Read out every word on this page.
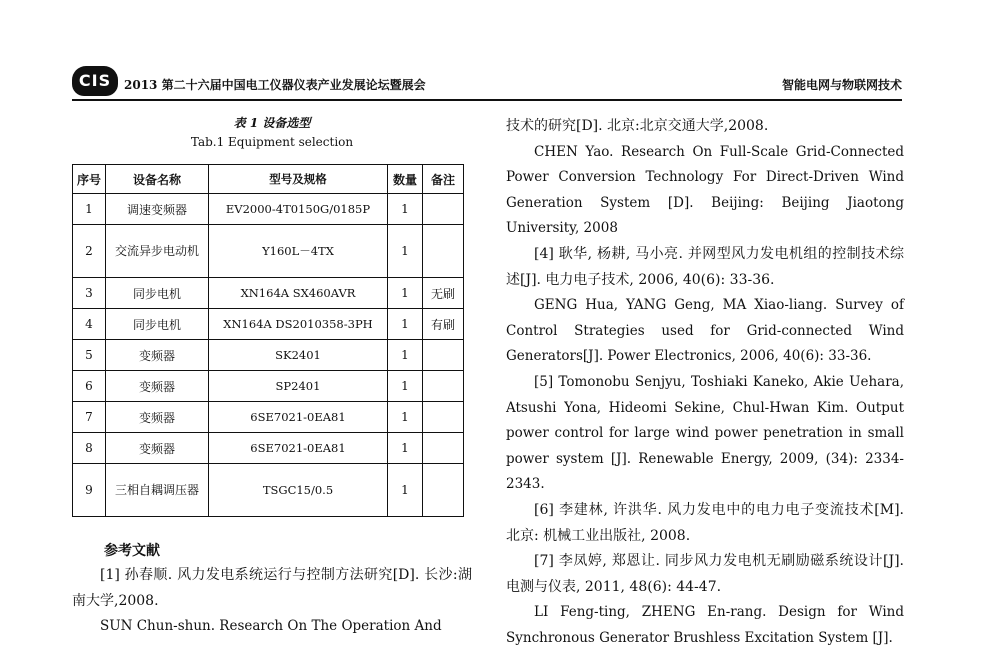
CIS	2013 第二十六届中国电工仪器仪表产业发展论坛暨展会	智能电网与物联网技术
表 1 设备选型
Tab.1 Equipment selection
序号	设备名称	型号及规格	数量	备注
1	调速变频器	EV2000-4T0150G/0185P	1	
2	交流异步电动机	Y160L－4TX	1	
3	同步电机	XN164A SX460AVR	1	无刷
4	同步电机	XN164A DS2010358-3PH	1	有刷
5	变频器	SK2401	1	
6	变频器	SP2401	1	
7	变频器	6SE7021-0EA81	1	
8	变频器	6SE7021-0EA81	1	
9	三相自耦调压器	TSGC15/0.5	1	
参考文献

[1] 孙春顺. 风力发电系统运行与控制方法研究[D]. 长沙:湖南大学,2008.

SUN Chun-shun. Research On The Operation And

技术的研究[D]. 北京:北京交通大学,2008.

CHEN Yao. Research On Full-Scale Grid-Connected Power Conversion Technology For Direct-Driven Wind Generation System [D]. Beijing: Beijing Jiaotong University, 2008

[4] 耿华, 杨耕, 马小亮. 并网型风力发电机组的控制技术综述[J]. 电力电子技术, 2006, 40(6): 33-36.

GENG Hua, YANG Geng, MA Xiao-liang. Survey of Control Strategies used for Grid-connected Wind Generators[J]. Power Electronics, 2006, 40(6): 33-36.

[5] Tomonobu Senjyu, Toshiaki Kaneko, Akie Uehara, Atsushi Yona, Hideomi Sekine, Chul-Hwan Kim. Output power control for large wind power penetration in small power system [J]. Renewable Energy, 2009, (34): 2334-2343.

[6] 李建林, 许洪华. 风力发电中的电力电子变流技术[M]. 北京: 机械工业出版社, 2008.

[7] 李凤婷, 郑恩让. 同步风力发电机无刷励磁系统设计[J]. 电测与仪表, 2011, 48(6): 44-47.

LI Feng-ting, ZHENG En-rang. Design for Wind Synchronous Generator Brushless Excitation System [J].
